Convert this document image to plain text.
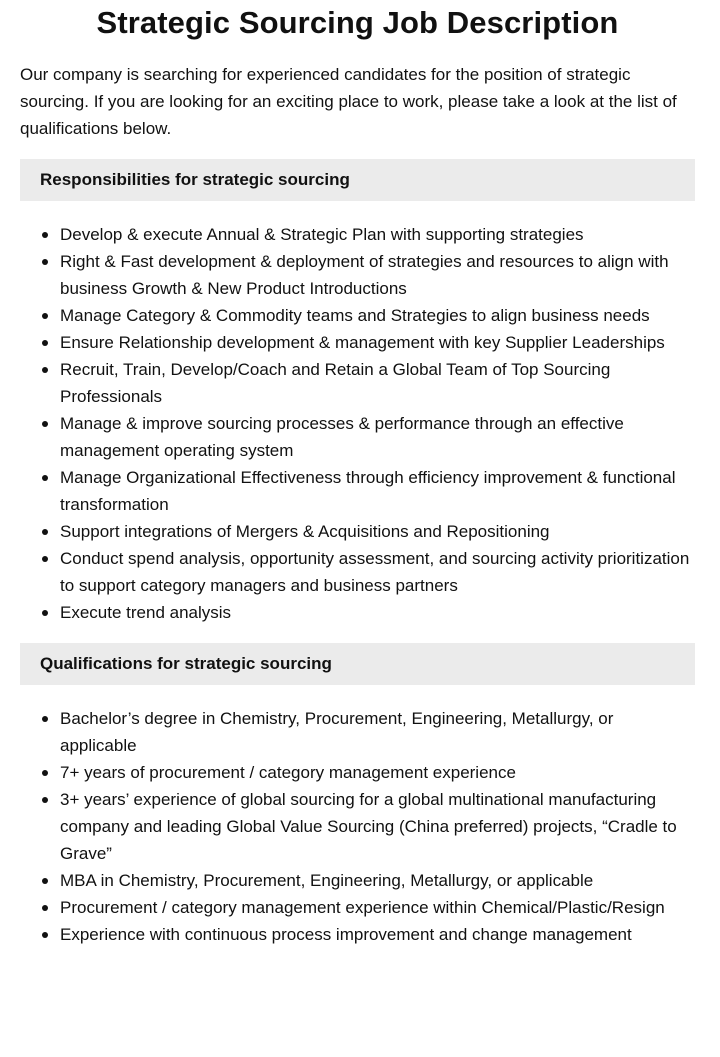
Strategic Sourcing Job Description

Our company is searching for experienced candidates for the position of strategic sourcing. If you are looking for an exciting place to work, please take a look at the list of qualifications below.

Responsibilities for strategic sourcing
Develop & execute Annual & Strategic Plan with supporting strategies
Right & Fast development & deployment of strategies and resources to align with business Growth & New Product Introductions
Manage Category & Commodity teams and Strategies to align business needs
Ensure Relationship development & management with key Supplier Leaderships
Recruit, Train, Develop/Coach and Retain a Global Team of Top Sourcing Professionals
Manage & improve sourcing processes & performance through an effective management operating system
Manage Organizational Effectiveness through efficiency improvement & functional transformation
Support integrations of Mergers & Acquisitions and Repositioning
Conduct spend analysis, opportunity assessment, and sourcing activity prioritization to support category managers and business partners
Execute trend analysis
Qualifications for strategic sourcing
Bachelor’s degree in Chemistry, Procurement, Engineering, Metallurgy, or applicable
7+ years of procurement / category management experience
3+ years’ experience of global sourcing for a global multinational manufacturing company and leading Global Value Sourcing (China preferred) projects, “Cradle to Grave”
MBA in Chemistry, Procurement, Engineering, Metallurgy, or applicable
Procurement / category management experience within Chemical/Plastic/Resign
Experience with continuous process improvement and change management
